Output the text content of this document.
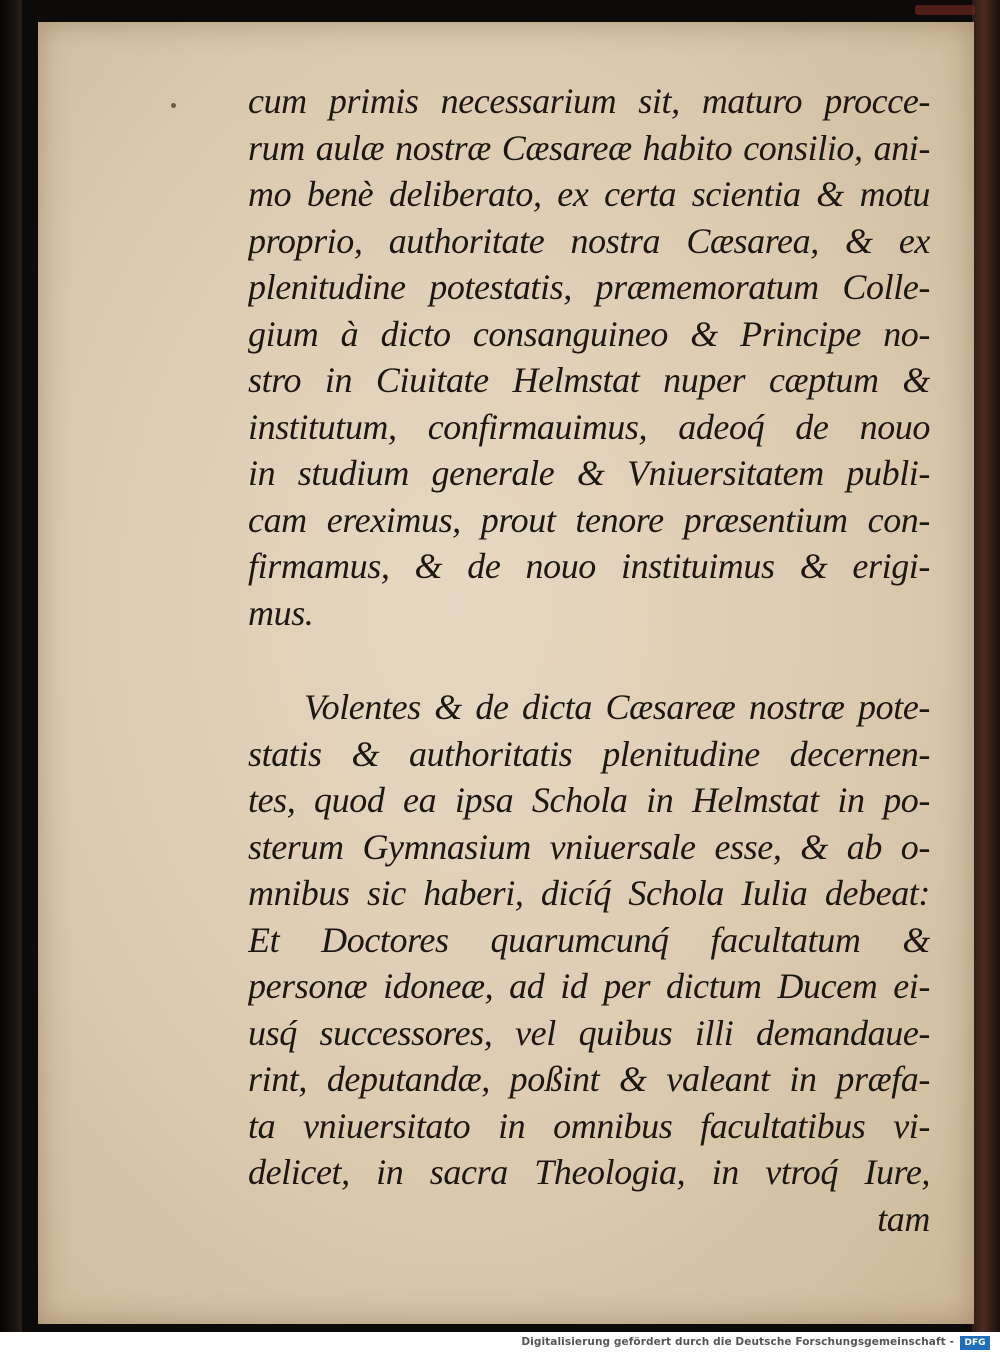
cum primis necessarium sit, maturo procce-
rum aulæ nostræ Cæsareæ habito consilio, ani-
mo benè deliberato, ex certa scientia & motu
proprio, authoritate nostra Cæsarea, & ex
plenitudine potestatis, præmemoratum Colle-
gium à dicto consanguineo & Principe no-
stro in Ciuitate Helmstat nuper cæptum &
institutum, confirmauimus, adeoq́ de nouo
in studium generale & Vniuersitatem publi-
cam ereximus, prout tenore præsentium con-
firmamus, & de nouo instituimus & erigi-
mus.
Volentes & de dicta Cæsareæ nostræ pote-
statis & authoritatis plenitudine decernen-
tes, quod ea ipsa Schola in Helmstat in po-
sterum Gymnasium vniuersale esse, & ab o-
mnibus sic haberi, dicíq́ Schola Iulia debeat:
Et Doctores quarumcunq́ facultatum &
personæ idoneæ, ad id per dictum Ducem ei-
usq́ successores, vel quibus illi demandaue-
rint, deputandæ, poßint & valeant in præfa-
ta vniuersitato in omnibus facultatibus vi-
delicet, in sacra Theologia, in vtroq́ Iure,
tam
Digitalisierung gefördert durch die Deutsche Forschungsgemeinschaft -	DFG
